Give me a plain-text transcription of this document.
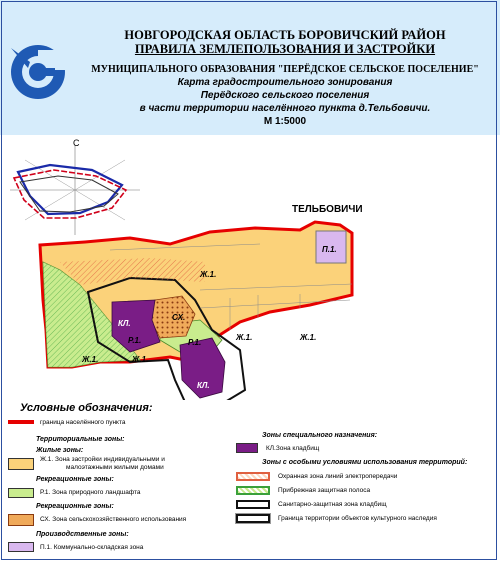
НОВГОРОДСКАЯ ОБЛАСТЬ БОРОВИЧСКИЙ РАЙОН
ПРАВИЛА ЗЕМЛЕПОЛЬЗОВАНИЯ И ЗАСТРОЙКИ
МУНИЦИПАЛЬНОГО ОБРАЗОВАНИЯ "ПЕРЁДСКОЕ СЕЛЬСКОЕ ПОСЕЛЕНИЕ"
Карта градостроительного зонирования
Перёдского сельского поселения
в части территории населённого пункта д.Тельбовичи.
М 1:5000
С
ТЕЛЬБОВИЧИ
Ж.1.
Ж.1.	Ж.1.
Ж.1.	Ж.1.
П.1.
КЛ.
КЛ.
СХ.
Р.1.	Р.1.
Условные обозначения:
граница населённого пункта
Территориальные зоны:
Жилые зоны:
Ж.1. Зона застройки индивидуальными и
малоэтажными жилыми домами
Рекреационные зоны:
Р.1. Зона природного ландшафта
Рекреационные зоны:
СХ. Зона сельскохозяйственного использования
Производственные зоны:
П.1. Коммунально-складская зона
Зоны специального назначения:
КЛ.Зона кладбищ
Зоны с особыми условиями использования территорий:
Охранная зона линий электропередачи
Прибрежная защитная полоса
Санитарно-защитная зона кладбищ
Граница территории объектов культурного наследия
